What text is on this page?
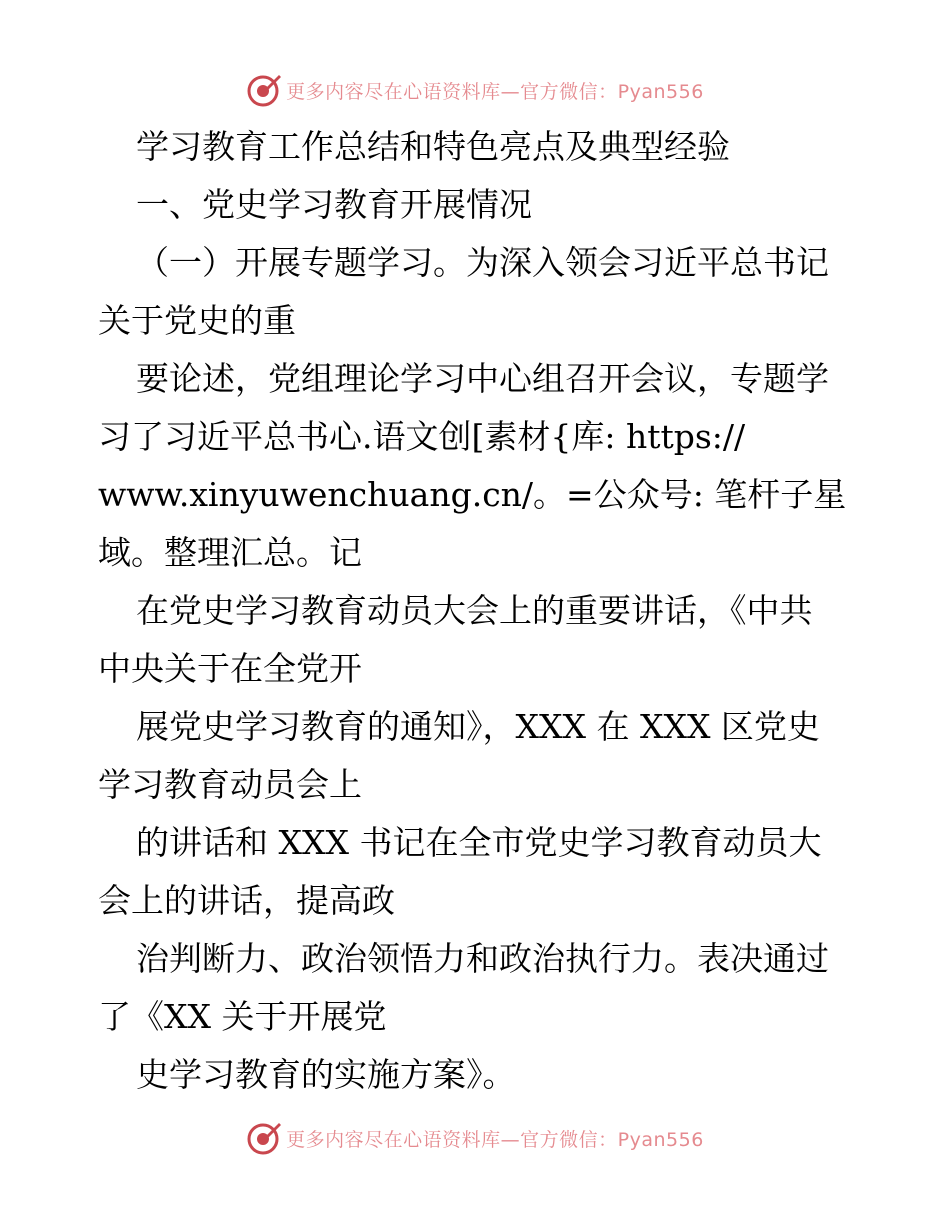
更多内容尽在心语资料库—官方微信：Pyan556
学习教育工作总结和特色亮点及典型经验
一、党史学习教育开展情况
（一）开展专题学习。为深入领会习近平总书记
关于党史的重
要论述，党组理论学习中心组召开会议，专题学
习了习近平总书心.语文创[素材{库: https://
www.xinyuwenchuang.cn/。=公众号: 笔杆子星
域。整理汇总。记
在党史学习教育动员大会上的重要讲话，《中共
中央关于在全党开
展党史学习教育的通知》，XXX 在 XXX 区党史
学习教育动员会上
的讲话和 XXX 书记在全市党史学习教育动员大
会上的讲话，提高政
治判断力、政治领悟力和政治执行力。表决通过
了《XX 关于开展党
史学习教育的实施方案》。
更多内容尽在心语资料库—官方微信：Pyan556
